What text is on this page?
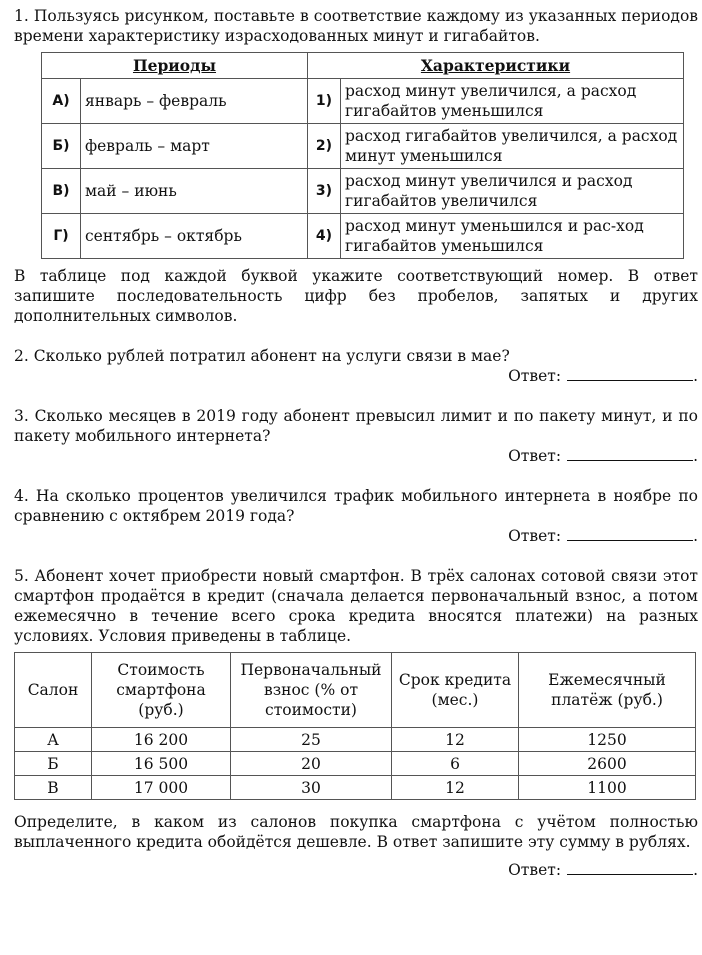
1. Пользуясь рисунком, поставьте в соответствие каждому из указанных периодов времени характеристику израсходованных минут и гигабайтов.

Периоды		Характеристики	
А)	январь – февраль	1)	расход минут увеличился, а расход гигабайтов уменьшился
Б)	февраль – март	2)	расход гигабайтов увеличился, а расход минут уменьшился
В)	май – июнь	3)	расход минут увеличился и расход гигабайтов увеличился
Г)	сентябрь – октябрь	4)	расход минут уменьшился и рас-ход гигабайтов уменьшился

В таблице под каждой буквой укажите соответствующий номер. В ответ запишите последовательность цифр без пробелов, запятых и других дополнительных символов.

2. Сколько рублей потратил абонент на услуги связи в мае?

Ответ:	.

3. Сколько месяцев в 2019 году абонент превысил лимит и по пакету минут, и по пакету мобильного интернета?

Ответ:	.

4. На сколько процентов увеличился трафик мобильного интернета в ноябре по сравнению с октябрем 2019 года?

Ответ:	.

5. Абонент хочет приобрести новый смартфон. В трёх салонах сотовой связи этот смартфон продаётся в кредит (сначала делается первоначальный взнос, а потом ежемесячно в течение всего срока кредита вносятся платежи) на разных условиях. Условия приведены в таблице.

Салон	Стоимость смартфона (руб.)	Первоначальный взнос (% от стоимости)	Срок кредита (мес.)	Ежемесячный платёж (руб.)
А	16 200	25	12	1250
Б	16 500	20	6	2600
В	17 000	30	12	1100

Определите, в каком из салонов покупка смартфона с учётом полностью выплаченного кредита обойдётся дешевле. В ответ запишите эту сумму в рублях.

Ответ:	.
